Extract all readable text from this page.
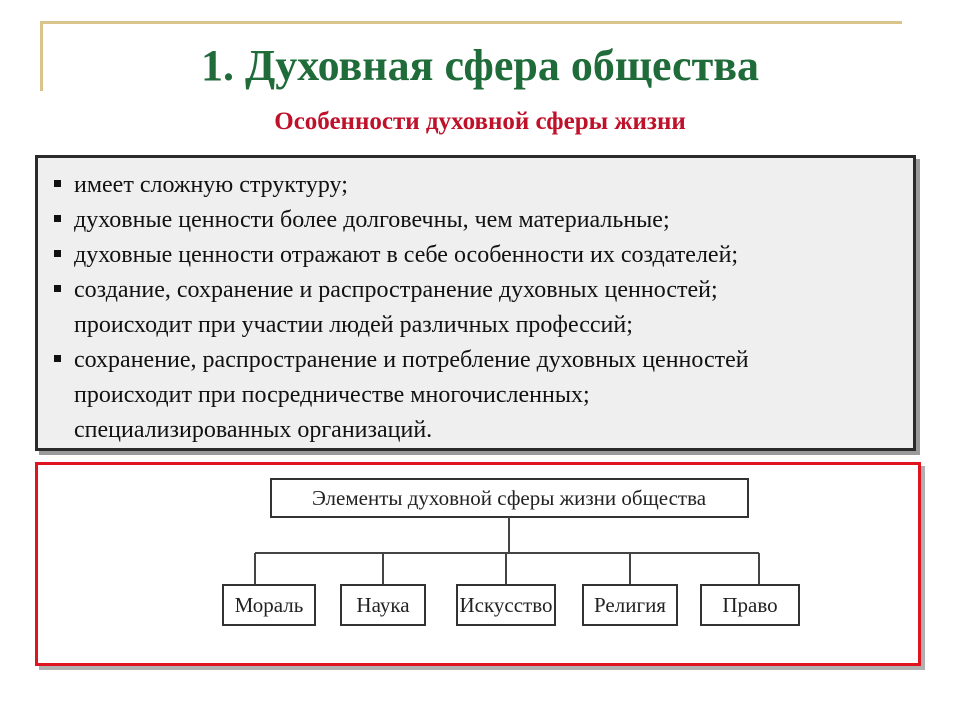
1. Духовная сфера общества
Особенности духовной сферы жизни
имеет сложную структуру;
духовные ценности более долговечны, чем материальные;
духовные ценности отражают в себе особенности их создателей;
создание, сохранение и распространение духовных ценностей;
происходит при участии людей различных профессий;
сохранение, распространение и потребление духовных ценностей
происходит при посредничестве многочисленных;
специализированных организаций.
Элементы духовной сферы жизни общества
Мораль	Наука Искусство Религия	Право
